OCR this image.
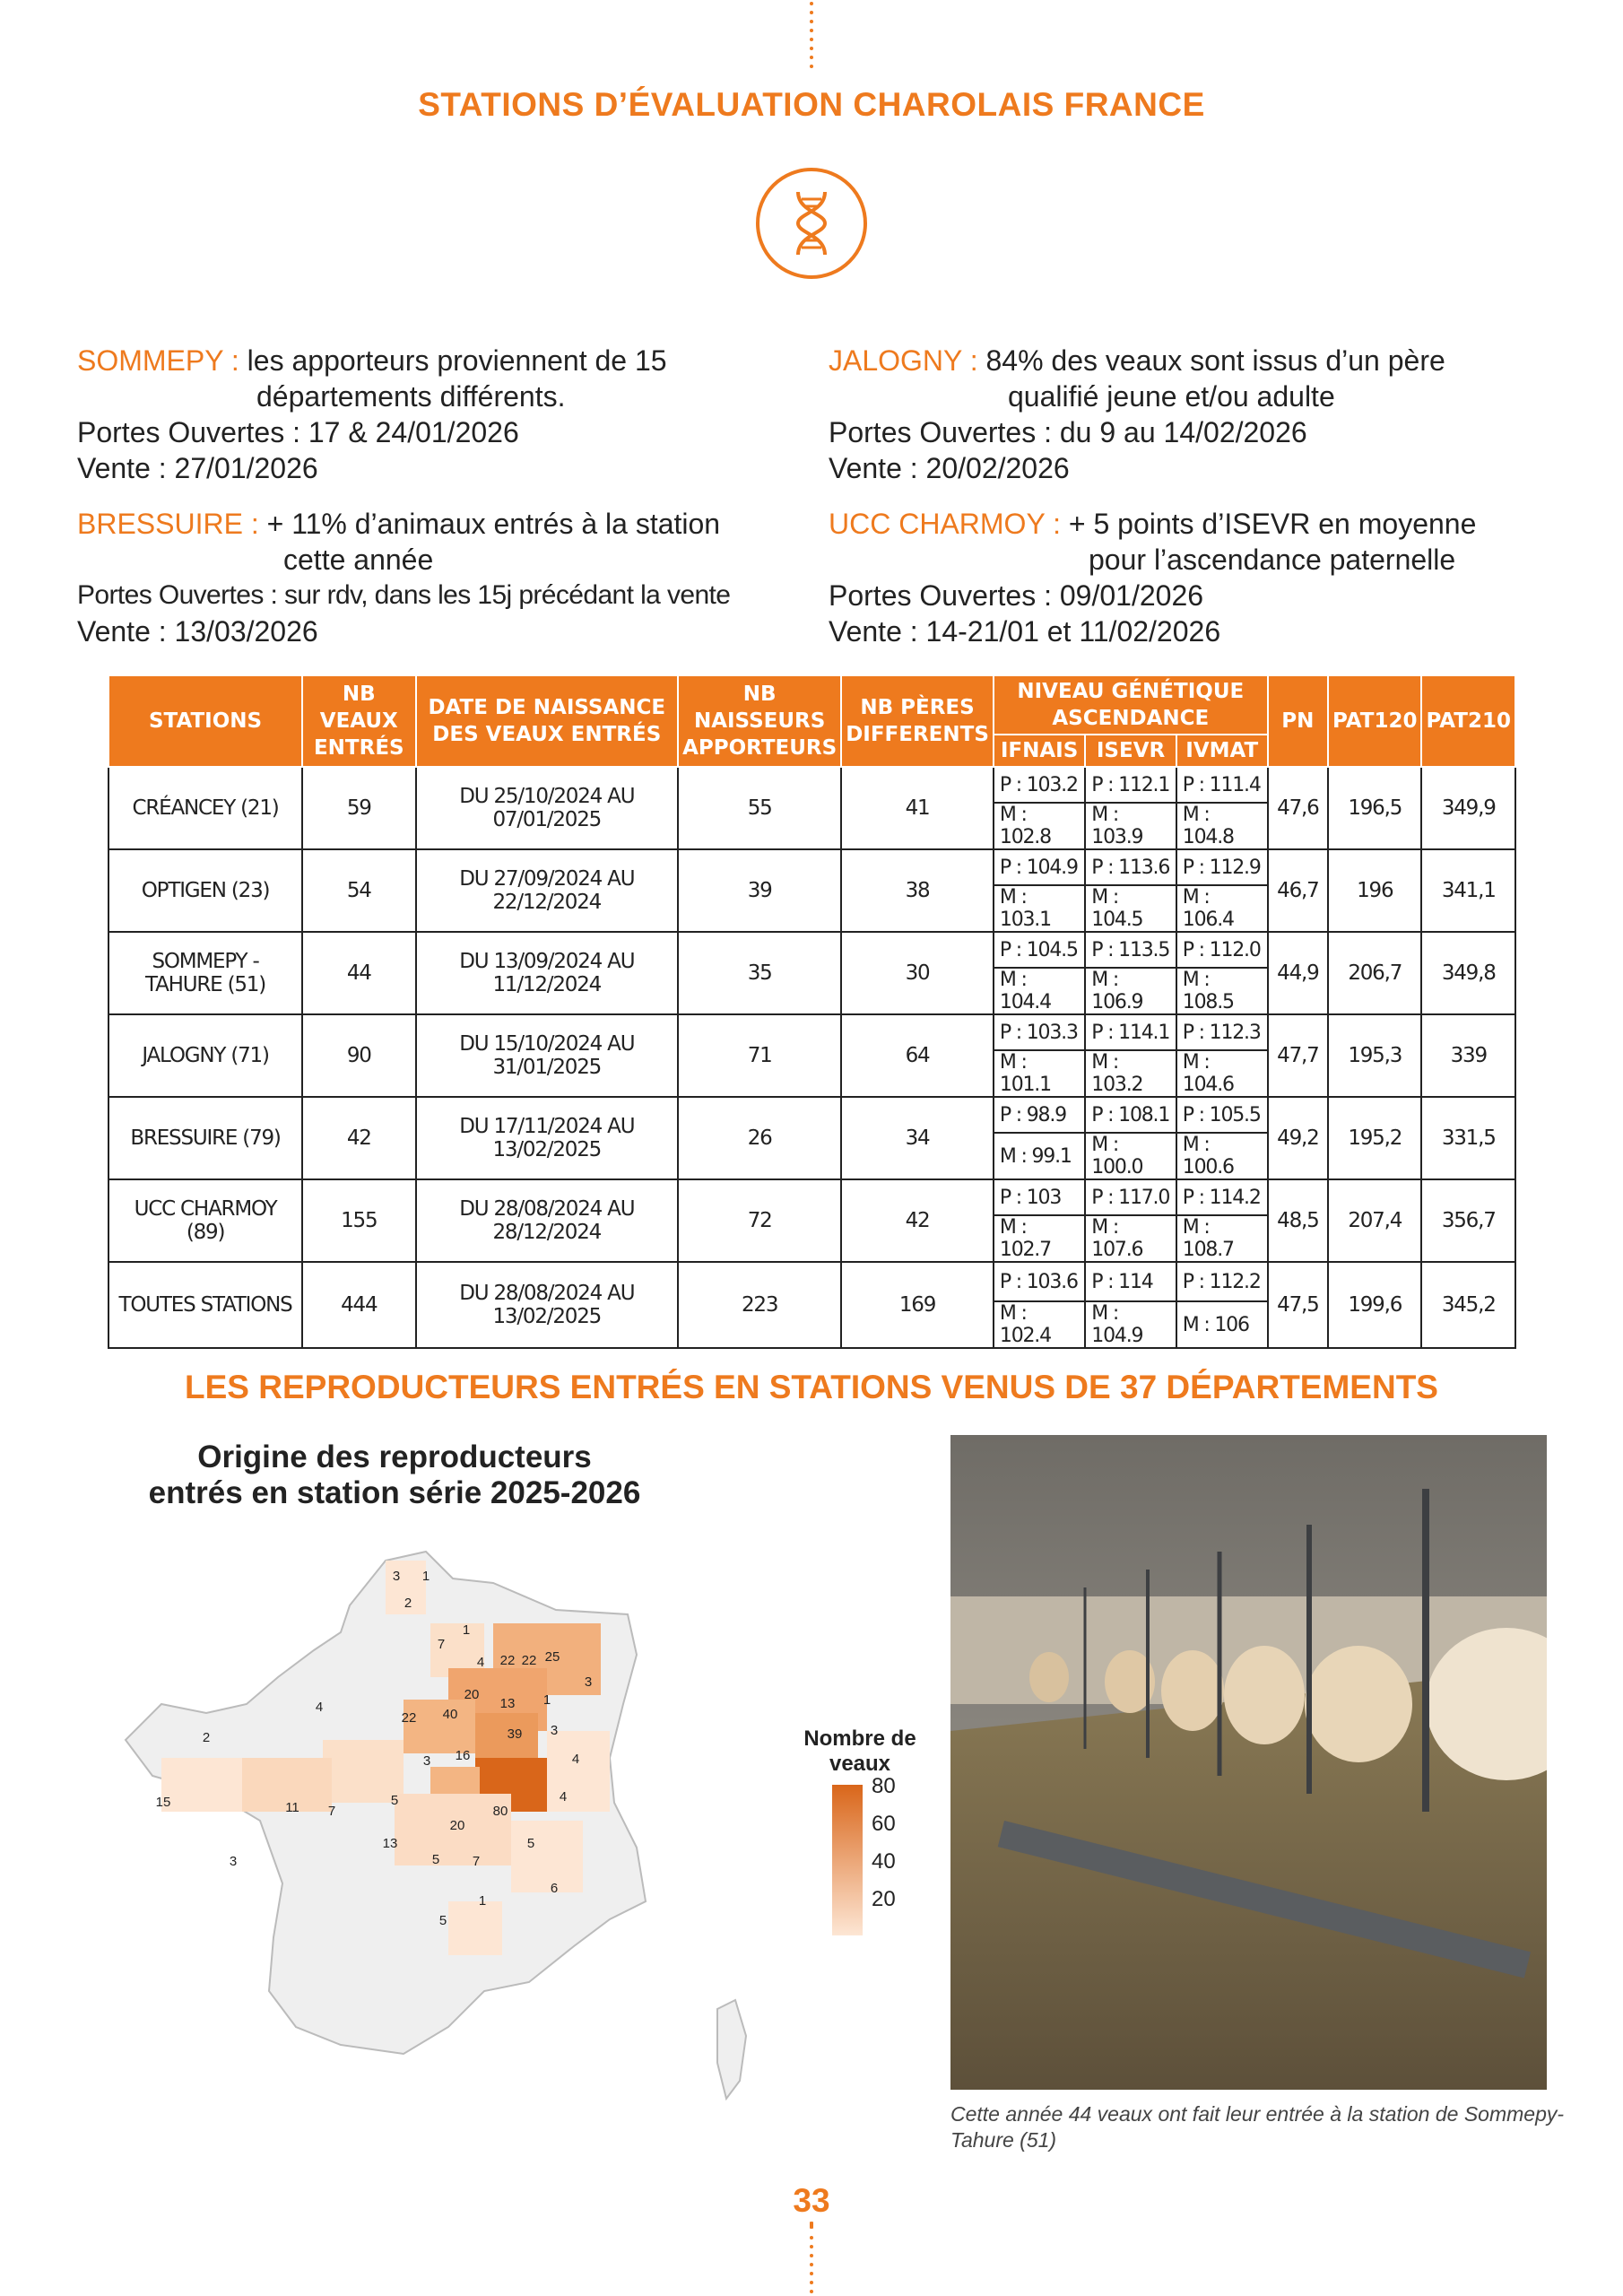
STATIONS D’ÉVALUATION CHAROLAIS FRANCE
SOMMEPY : les apporteurs proviennent de 15
départements différents.
Portes Ouvertes : 17 & 24/01/2026
Vente : 27/01/2026
JALOGNY : 84% des veaux sont issus d’un père
qualifié jeune et/ou adulte
Portes Ouvertes : du 9 au 14/02/2026
Vente : 20/02/2026
BRESSUIRE : + 11% d’animaux entrés à la station
cette année
Portes Ouvertes : sur rdv, dans les 15j précédant la vente
Vente : 13/03/2026
UCC CHARMOY : + 5 points d’ISEVR en moyenne
pour l’ascendance paternelle
Portes Ouvertes : 09/01/2026
Vente : 14-21/01 et 11/02/2026
STATIONS	NB VEAUX ENTRÉS	DATE DE NAISSANCE DES VEAUX ENTRÉS	NB NAISSEURS APPORTEURS	NB PÈRES DIFFERENTS	NIVEAU GÉNÉTIQUE ASCENDANCE			PN	PAT120	PAT210
					IFNAIS	ISEVR	IVMAT			
CRÉANCEY (21)	59	DU 25/10/2024 AU 07/01/2025	55	41	P : 103.2	P : 112.1	P : 111.4	47,6	196,5	349,9
					M : 102.8	M : 103.9	M : 104.8			
OPTIGEN (23)	54	DU 27/09/2024 AU 22/12/2024	39	38	P : 104.9	P : 113.6	P : 112.9	46,7	196	341,1
					M : 103.1	M : 104.5	M : 106.4			
SOMMEPY - TAHURE (51)	44	DU 13/09/2024 AU 11/12/2024	35	30	P : 104.5	P : 113.5	P : 112.0	44,9	206,7	349,8
					M : 104.4	M : 106.9	M : 108.5			
JALOGNY (71)	90	DU 15/10/2024 AU 31/01/2025	71	64	P : 103.3	P : 114.1	P : 112.3	47,7	195,3	339
					M : 101.1	M : 103.2	M : 104.6			
BRESSUIRE (79)	42	DU 17/11/2024 AU 13/02/2025	26	34	P : 98.9	P : 108.1	P : 105.5	49,2	195,2	331,5
					M : 99.1	M : 100.0	M : 100.6			
UCC CHARMOY (89)	155	DU 28/08/2024 AU 28/12/2024	72	42	P : 103	P : 117.0	P : 114.2	48,5	207,4	356,7
					M : 102.7	M : 107.6	M : 108.7			
TOUTES STATIONS	444	DU 28/08/2024 AU 13/02/2025	223	169	P : 103.6	P : 114	P : 112.2	47,5	199,6	345,2
					M : 102.4	M : 104.9	M : 106			
LES REPRODUCTEURS ENTRÉS EN STATIONS VENUS DE 37 DÉPARTEMENTS
Origine des reproducteurs
entrés en station série 2025-2026
3 1
2
7
1
4 22 22 25
3
20
13 1
4
22 40
39 3
4
2
16
3
4
15	11 7
5
80
20
13
5 7
5
6
3
1
5
Nombre de veaux
80
60
40
20
Cette année 44 veaux ont fait leur entrée à la station de Sommepy-Tahure (51)
33
